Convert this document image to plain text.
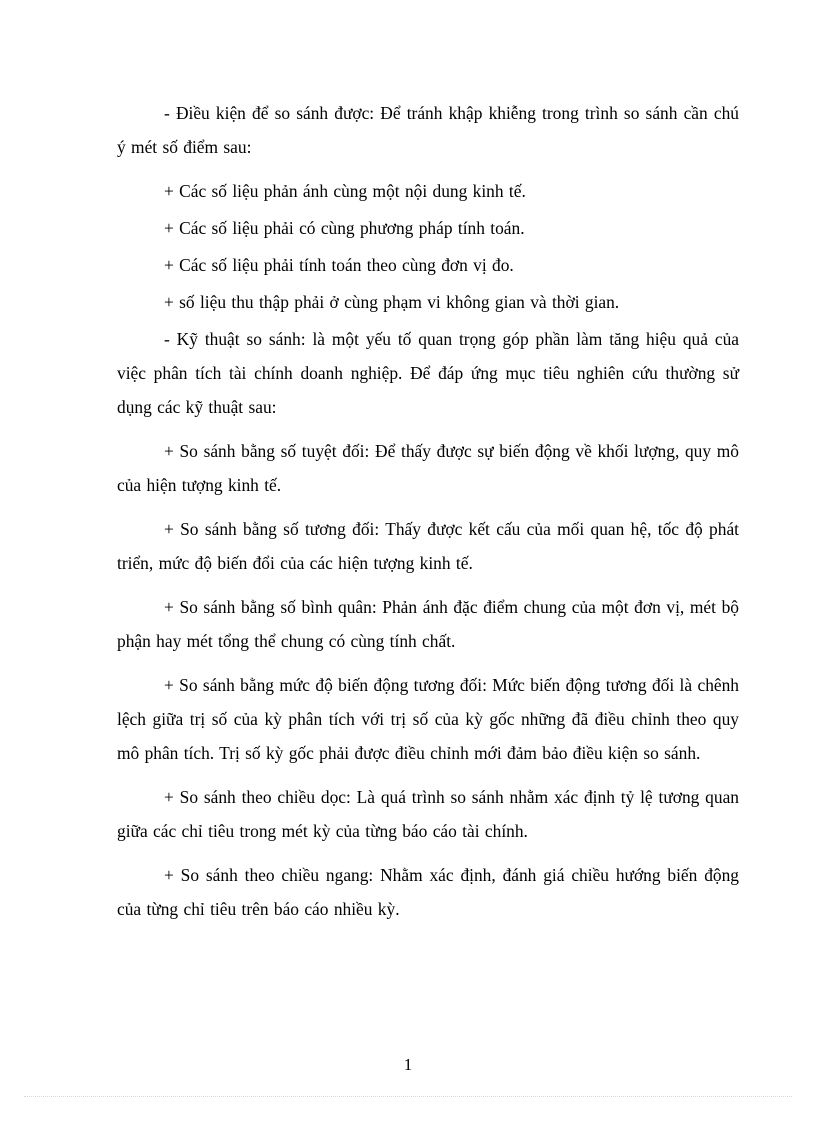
- Điều kiện để so sánh được: Để tránh khập khiễng trong trình so sánh cần chú ý mét số điểm sau:

+ Các số liệu phản ánh cùng một nội dung kinh tế.

+ Các số liệu phải có cùng phương pháp tính toán.

+ Các số liệu phải tính toán theo cùng đơn vị đo.

+ số liệu thu thập phải ở cùng phạm vi không gian và thời gian.

- Kỹ thuật so sánh: là một yếu tố quan trọng góp phần làm tăng hiệu quả của việc phân tích tài chính doanh nghiệp. Để đáp ứng mục tiêu nghiên cứu thường sử dụng các kỹ thuật sau:

+ So sánh bằng số tuyệt đối: Để thấy được sự biến động về khối lượng, quy mô của hiện tượng kinh tế.

+ So sánh bằng số tương đối: Thấy được kết cấu của mối quan hệ, tốc độ phát triển, mức độ biến đổi của các hiện tượng kinh tế.

+ So sánh bằng số bình quân: Phản ánh đặc điểm chung của một đơn vị, mét bộ phận hay mét tổng thể chung có cùng tính chất.

+ So sánh bằng mức độ biến động tương đối: Mức biến động tương đối là chênh lệch giữa trị số của kỳ phân tích với trị số của kỳ gốc những đã điều chỉnh theo quy mô phân tích. Trị số kỳ gốc phải được điều chỉnh mới đảm bảo điều kiện so sánh.

+ So sánh theo chiều dọc: Là quá trình so sánh nhằm xác định tỷ lệ tương quan giữa các chỉ tiêu trong mét kỳ của từng báo cáo tài chính.

+ So sánh theo chiều ngang: Nhằm xác định, đánh giá chiều hướng biến động của từng chỉ tiêu trên báo cáo nhiều kỳ.

1
